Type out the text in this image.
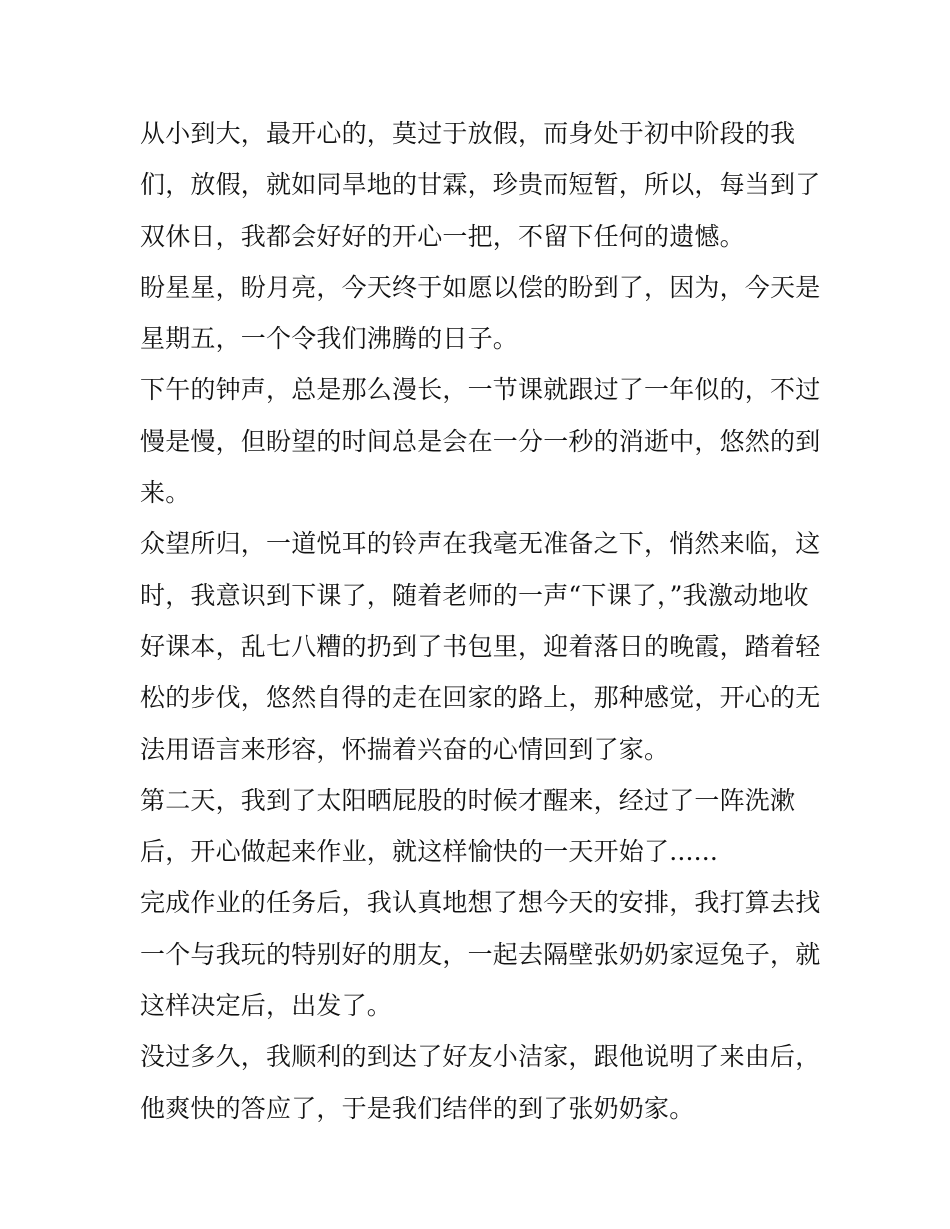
从小到大，最开心的，莫过于放假，而身处于初中阶段的我
们，放假，就如同旱地的甘霖，珍贵而短暂，所以，每当到了
双休日，我都会好好的开心一把，不留下任何的遗憾。
盼星星，盼月亮，今天终于如愿以偿的盼到了，因为，今天是
星期五，一个令我们沸腾的日子。
下午的钟声，总是那么漫长，一节课就跟过了一年似的，不过
慢是慢，但盼望的时间总是会在一分一秒的消逝中，悠然的到
来。
众望所归，一道悦耳的铃声在我毫无准备之下，悄然来临，这
时，我意识到下课了，随着老师的一声“下课了，”我激动地收
好课本，乱七八糟的扔到了书包里，迎着落日的晚霞，踏着轻
松的步伐，悠然自得的走在回家的路上，那种感觉，开心的无
法用语言来形容，怀揣着兴奋的心情回到了家。
第二天，我到了太阳晒屁股的时候才醒来，经过了一阵洗漱
后，开心做起来作业，就这样愉快的一天开始了......
完成作业的任务后，我认真地想了想今天的安排，我打算去找
一个与我玩的特别好的朋友，一起去隔壁张奶奶家逗兔子，就
这样决定后，出发了。
没过多久，我顺利的到达了好友小洁家，跟他说明了来由后，
他爽快的答应了，于是我们结伴的到了张奶奶家。
